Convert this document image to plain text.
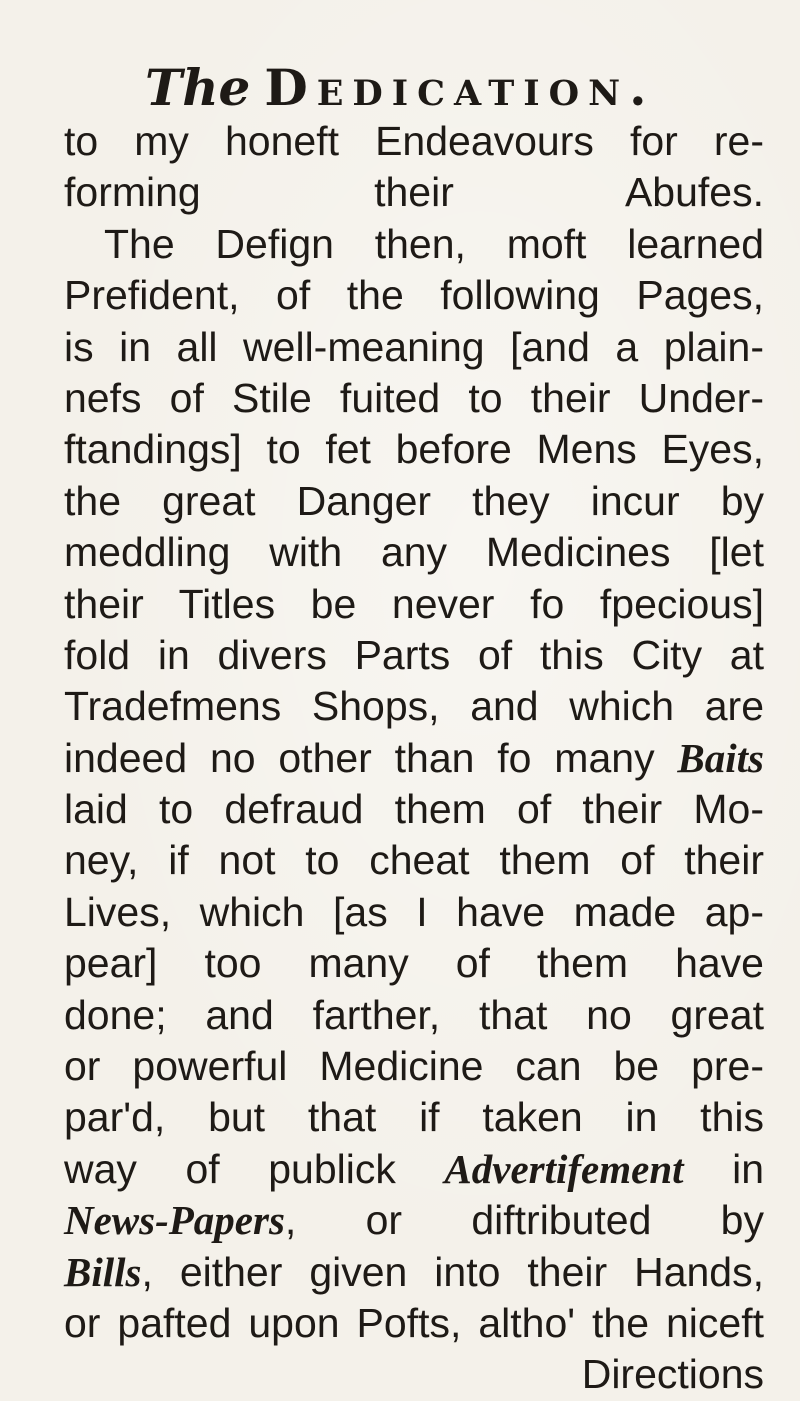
The Dedication.
to my honeft Endeavours for re-
forming their Abufes.
The Defign then, moft learned
Prefident, of the following Pages,
is in all well-meaning [and a plain-
nefs of Stile fuited to their Under-
ftandings] to fet before Mens Eyes,
the great Danger they incur by
meddling with any Medicines [let
their Titles be never fo fpecious]
fold in divers Parts of this City at
Tradefmens Shops, and which are
indeed no other than fo many Baits
laid to defraud them of their Mo-
ney, if not to cheat them of their
Lives, which [as I have made ap-
pear] too many of them have
done; and farther, that no great
or powerful Medicine can be pre-
par'd, but that if taken in this
way of publick Advertifement in
News-Papers, or diftributed by
Bills, either given into their Hands,
or pafted upon Pofts, altho' the niceft
Directions
